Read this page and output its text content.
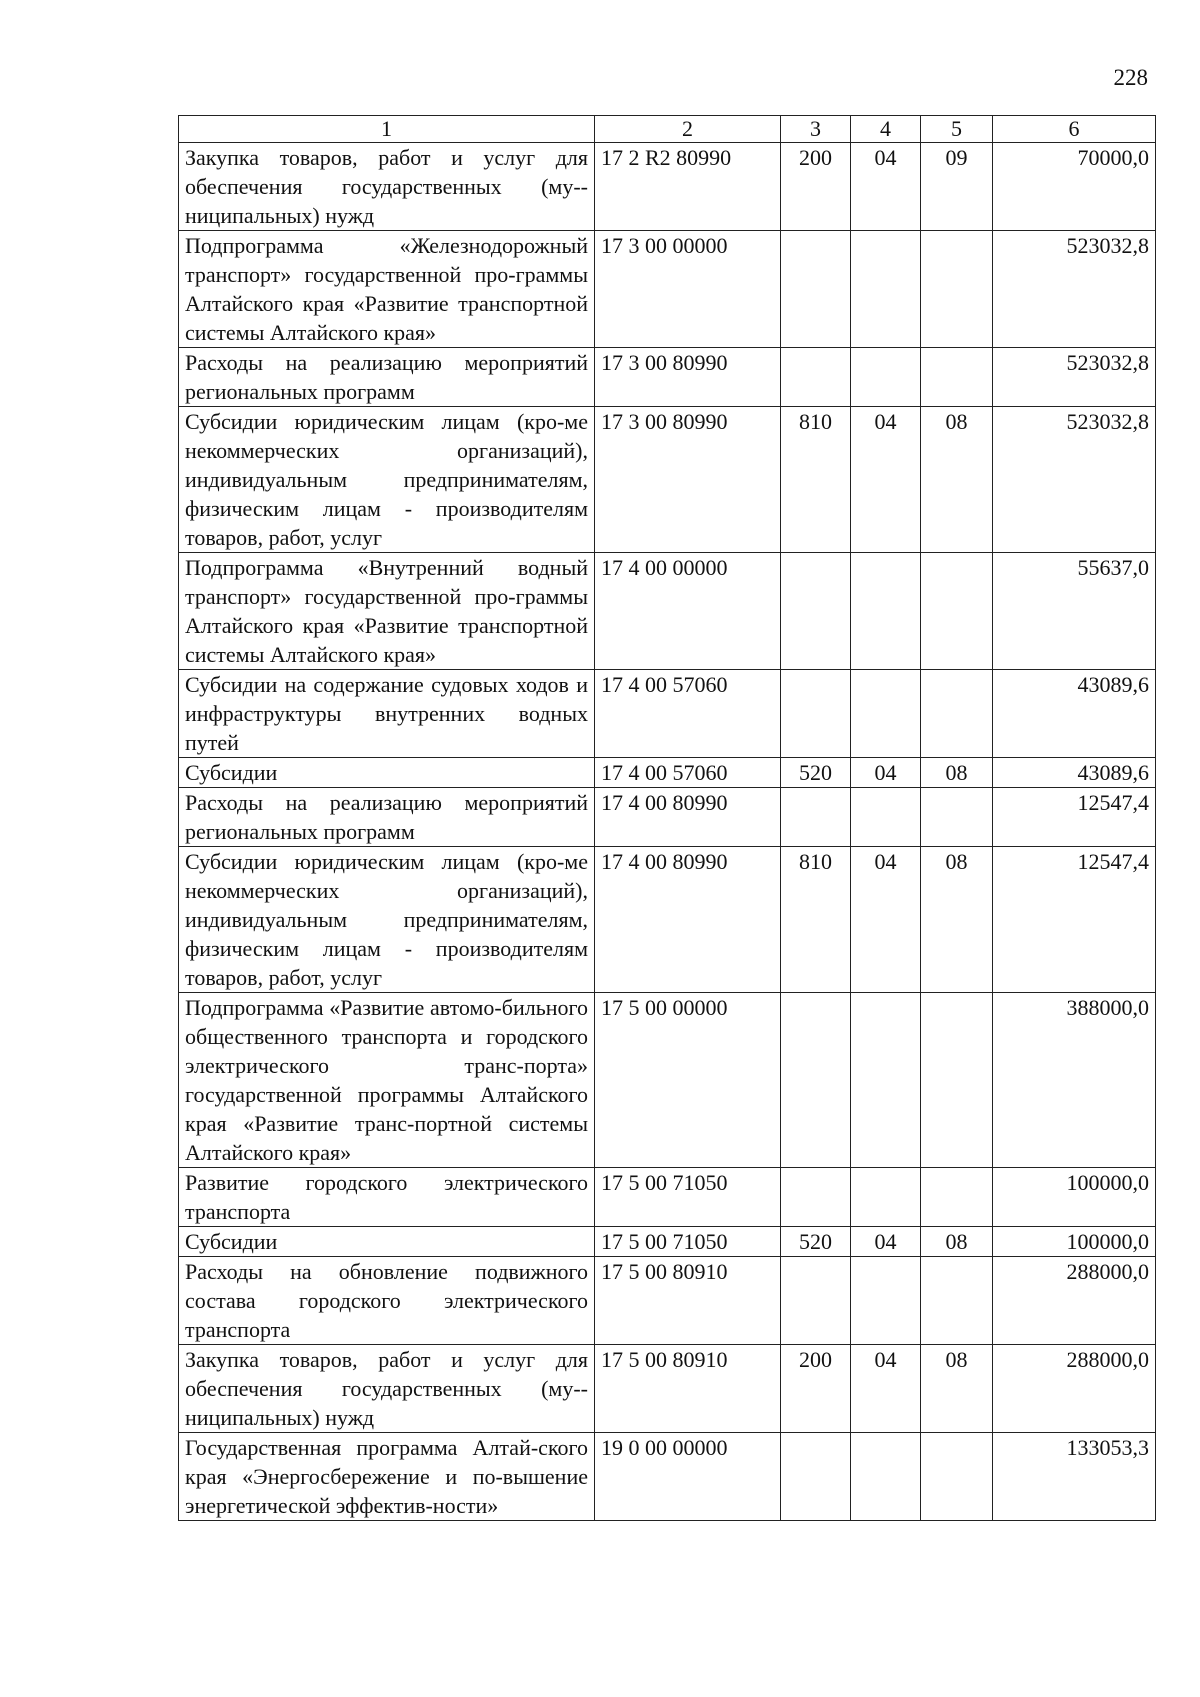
228
1	2	3	4	5	6
Закупка товаров, работ и услуг для обеспечения государственных (му-ниципальных) нужд	17 2 R2 80990	200	04	09	70000,0
Подпрограмма «Железнодорожный транспорт» государственной про-граммы Алтайского края «Развитие транспортной системы Алтайского края»	17 3 00 00000				523032,8
Расходы на реализацию мероприятий региональных программ	17 3 00 80990				523032,8
Субсидии юридическим лицам (кро-ме некоммерческих организаций), индивидуальным предпринимателям, физическим лицам - производителям товаров, работ, услуг	17 3 00 80990	810	04	08	523032,8
Подпрограмма «Внутренний водный транспорт» государственной про-граммы Алтайского края «Развитие транспортной системы Алтайского края»	17 4 00 00000				55637,0
Субсидии на содержание судовых ходов и инфраструктуры внутренних водных путей	17 4 00 57060				43089,6
Субсидии	17 4 00 57060	520	04	08	43089,6
Расходы на реализацию мероприятий региональных программ	17 4 00 80990				12547,4
Субсидии юридическим лицам (кро-ме некоммерческих организаций), индивидуальным предпринимателям, физическим лицам - производителям товаров, работ, услуг	17 4 00 80990	810	04	08	12547,4
Подпрограмма «Развитие автомо-бильного общественного транспорта и городского электрического транс-порта» государственной программы Алтайского края «Развитие транс-портной системы Алтайского края»	17 5 00 00000				388000,0
Развитие городского электрического транспорта	17 5 00 71050				100000,0
Субсидии	17 5 00 71050	520	04	08	100000,0
Расходы на обновление подвижного состава городского электрического транспорта	17 5 00 80910				288000,0
Закупка товаров, работ и услуг для обеспечения государственных (му-ниципальных) нужд	17 5 00 80910	200	04	08	288000,0
Государственная программа Алтай-ского края «Энергосбережение и по-вышение энергетической эффектив-ности»	19 0 00 00000				133053,3
